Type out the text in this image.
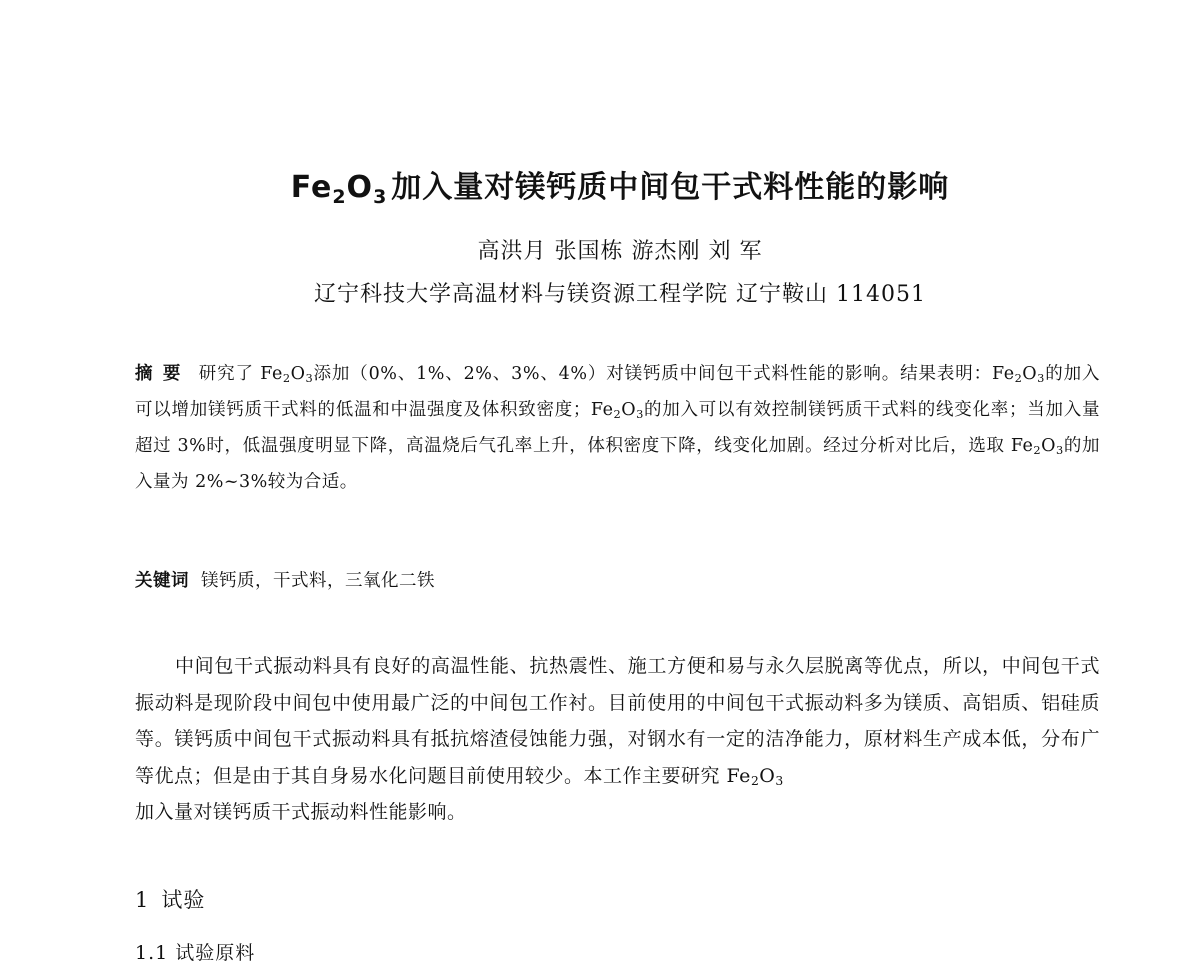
$Fe_2O_3$  加入量对镁钙质中间包干式料性能的影响
高洪月 张国栋 游杰刚 刘 军
辽宁科技大学高温材料与镁资源工程学院 辽宁鞍山 114051
摘要 研究了 $Fe_2O_3$添加（0%、1%、2%、3%、4%）对镁钙质中间包干式料性能的影响。结果表明：$Fe_2O_3$的加入可以增加镁钙质干式料的低温和中温强度及体积致密度；$Fe_2O_3$的加入可以有效控制镁钙质干式料的线变化率；当加入量超过 3%时，低温强度明显下降，高温烧后气孔率上升，体积密度下降，线变化加剧。经过分析对比后，选取 $Fe_2O_3$的加入量为 2%~3%较为合适。
关键词 镁钙质，干式料，三氧化二铁
中间包干式振动料具有良好的高温性能、抗热震性、施工方便和易与永久层脱离等优点，所以，中间包干式振动料是现阶段中间包中使用最广泛的中间包工作衬。目前使用的中间包干式振动料多为镁质、高铝质、铝硅质等。镁钙质中间包干式振动料具有抵抗熔渣侵蚀能力强，对钢水有一定的洁净能力，原材料生产成本低，分布广等优点；但是由于其自身易水化问题目前使用较少。本工作主要研究 $Fe_2O_3$
加入量对镁钙质干式振动料性能影响。
1 试验
1.1 试验原料
